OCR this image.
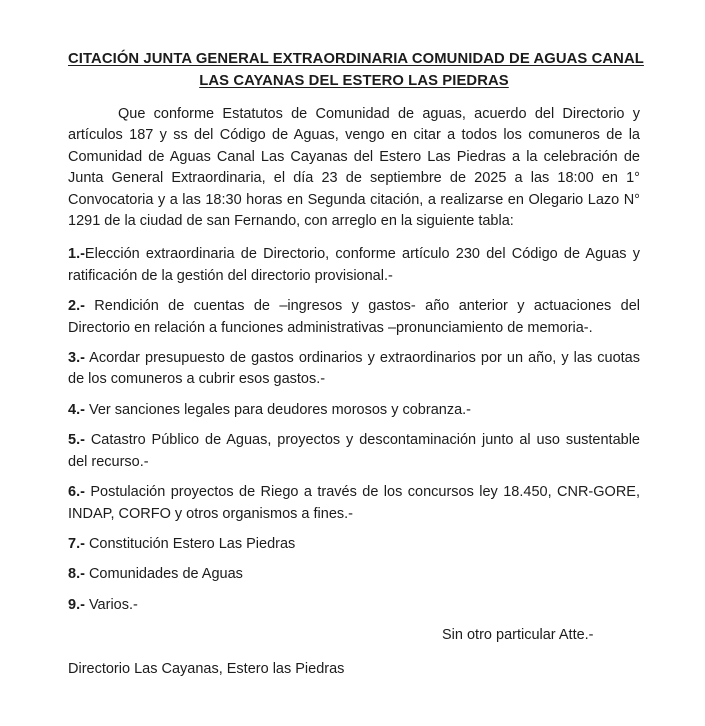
CITACIÓN JUNTA GENERAL EXTRAORDINARIA COMUNIDAD DE AGUAS CANAL
LAS CAYANAS DEL ESTERO LAS PIEDRAS

Que conforme Estatutos de Comunidad de aguas, acuerdo del Directorio y artículos 187 y ss del Código de Aguas, vengo en citar a todos los comuneros de la Comunidad de Aguas Canal Las Cayanas del Estero Las Piedras a la celebración de Junta General Extraordinaria, el día 23 de septiembre de 2025 a las 18:00 en 1° Convocatoria y a las 18:30 horas en Segunda citación, a realizarse en Olegario Lazo N° 1291 de la ciudad de san Fernando, con arreglo en la siguiente tabla:

1.-Elección extraordinaria de Directorio, conforme artículo 230 del Código de Aguas y ratificación de la gestión del directorio provisional.-

2.- Rendición de cuentas de –ingresos y gastos- año anterior y actuaciones del Directorio en relación a funciones administrativas –pronunciamiento de memoria-.

3.- Acordar presupuesto de gastos ordinarios y extraordinarios por un año, y las cuotas de los comuneros a cubrir esos gastos.-

4.- Ver sanciones legales para deudores morosos y cobranza.-

5.- Catastro Público de Aguas, proyectos y descontaminación junto al uso sustentable del recurso.-

6.- Postulación proyectos de Riego a través de los concursos ley 18.450, CNR-GORE, INDAP, CORFO y otros organismos a fines.-

7.- Constitución Estero Las Piedras

8.- Comunidades de Aguas

9.- Varios.-

Sin otro particular Atte.-

Directorio Las Cayanas, Estero las Piedras
